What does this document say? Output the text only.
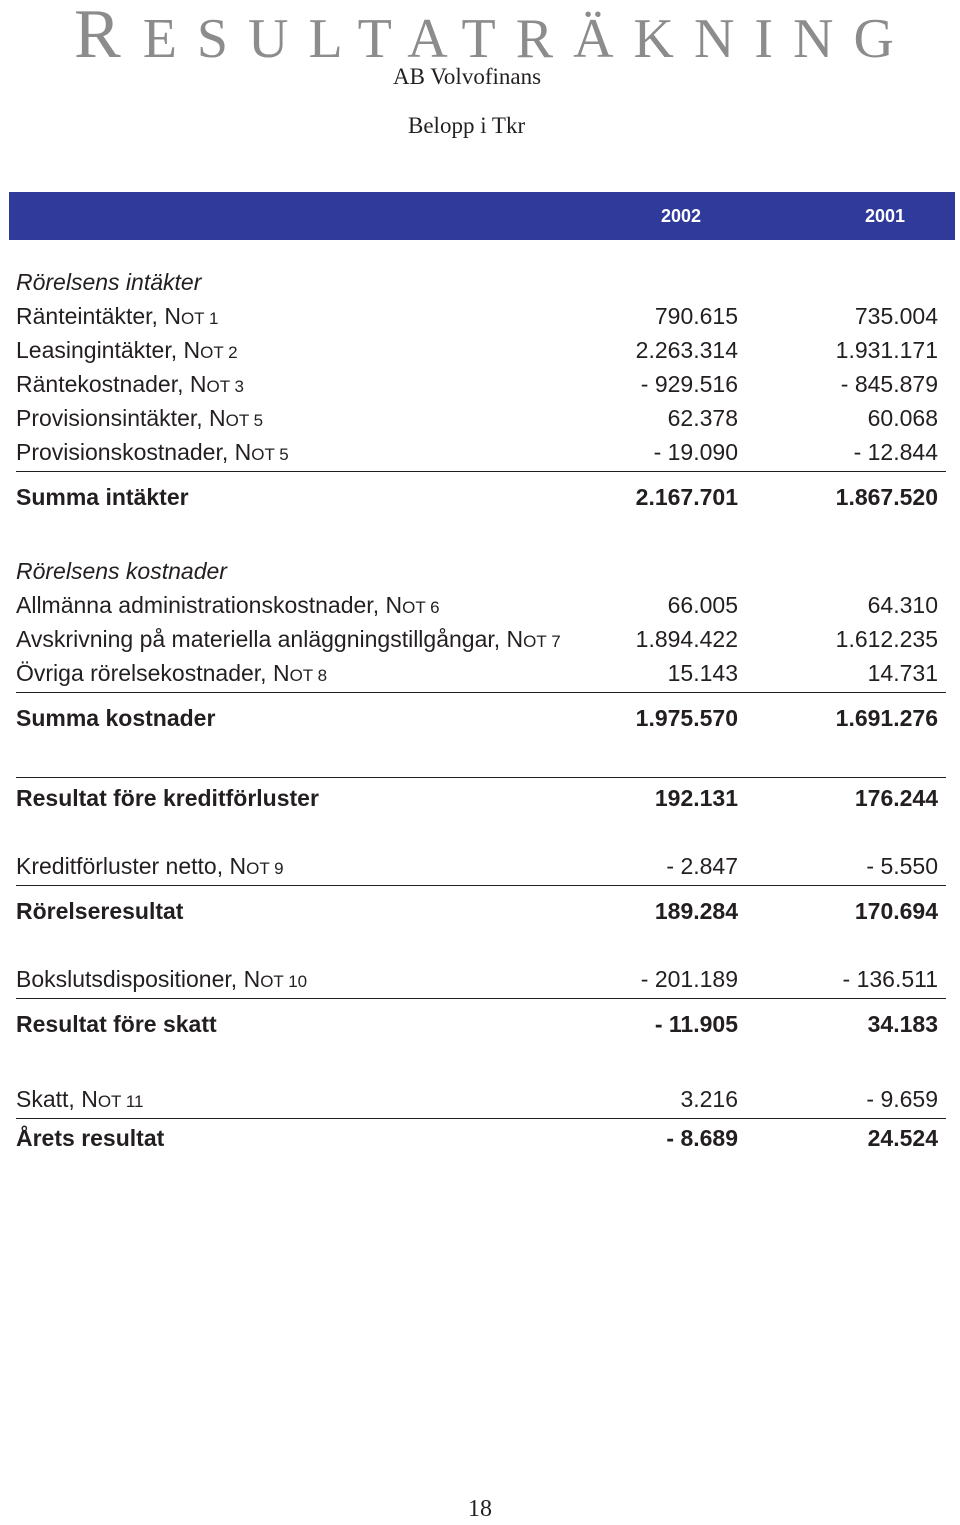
RESULTATRÄKNING
AB Volvofinans
Belopp i Tkr
2002	2001
Rörelsens intäkter
Ränteintäkter, NOT 1	790.615	735.004
Leasingintäkter, NOT 2	2.263.314	1.931.171
Räntekostnader, NOT 3	- 929.516	- 845.879
Provisionsintäkter, NOT 5	62.378	60.068
Provisionskostnader, NOT 5	- 19.090	- 12.844
Summa intäkter	2.167.701	1.867.520
Rörelsens kostnader
Allmänna administrationskostnader, NOT 6	66.005	64.310
Avskrivning på materiella anläggningstillgångar, NOT 7	1.894.422	1.612.235
Övriga rörelsekostnader, NOT 8	15.143	14.731
Summa kostnader	1.975.570	1.691.276
Resultat före kreditförluster	192.131	176.244
Kreditförluster netto, NOT 9	- 2.847	- 5.550
Rörelseresultat	189.284	170.694
Bokslutsdispositioner, NOT 10	- 201.189	- 136.511
Resultat före skatt	- 11.905	34.183
Skatt, NOT 11	3.216	- 9.659
Årets resultat	- 8.689	24.524
18
